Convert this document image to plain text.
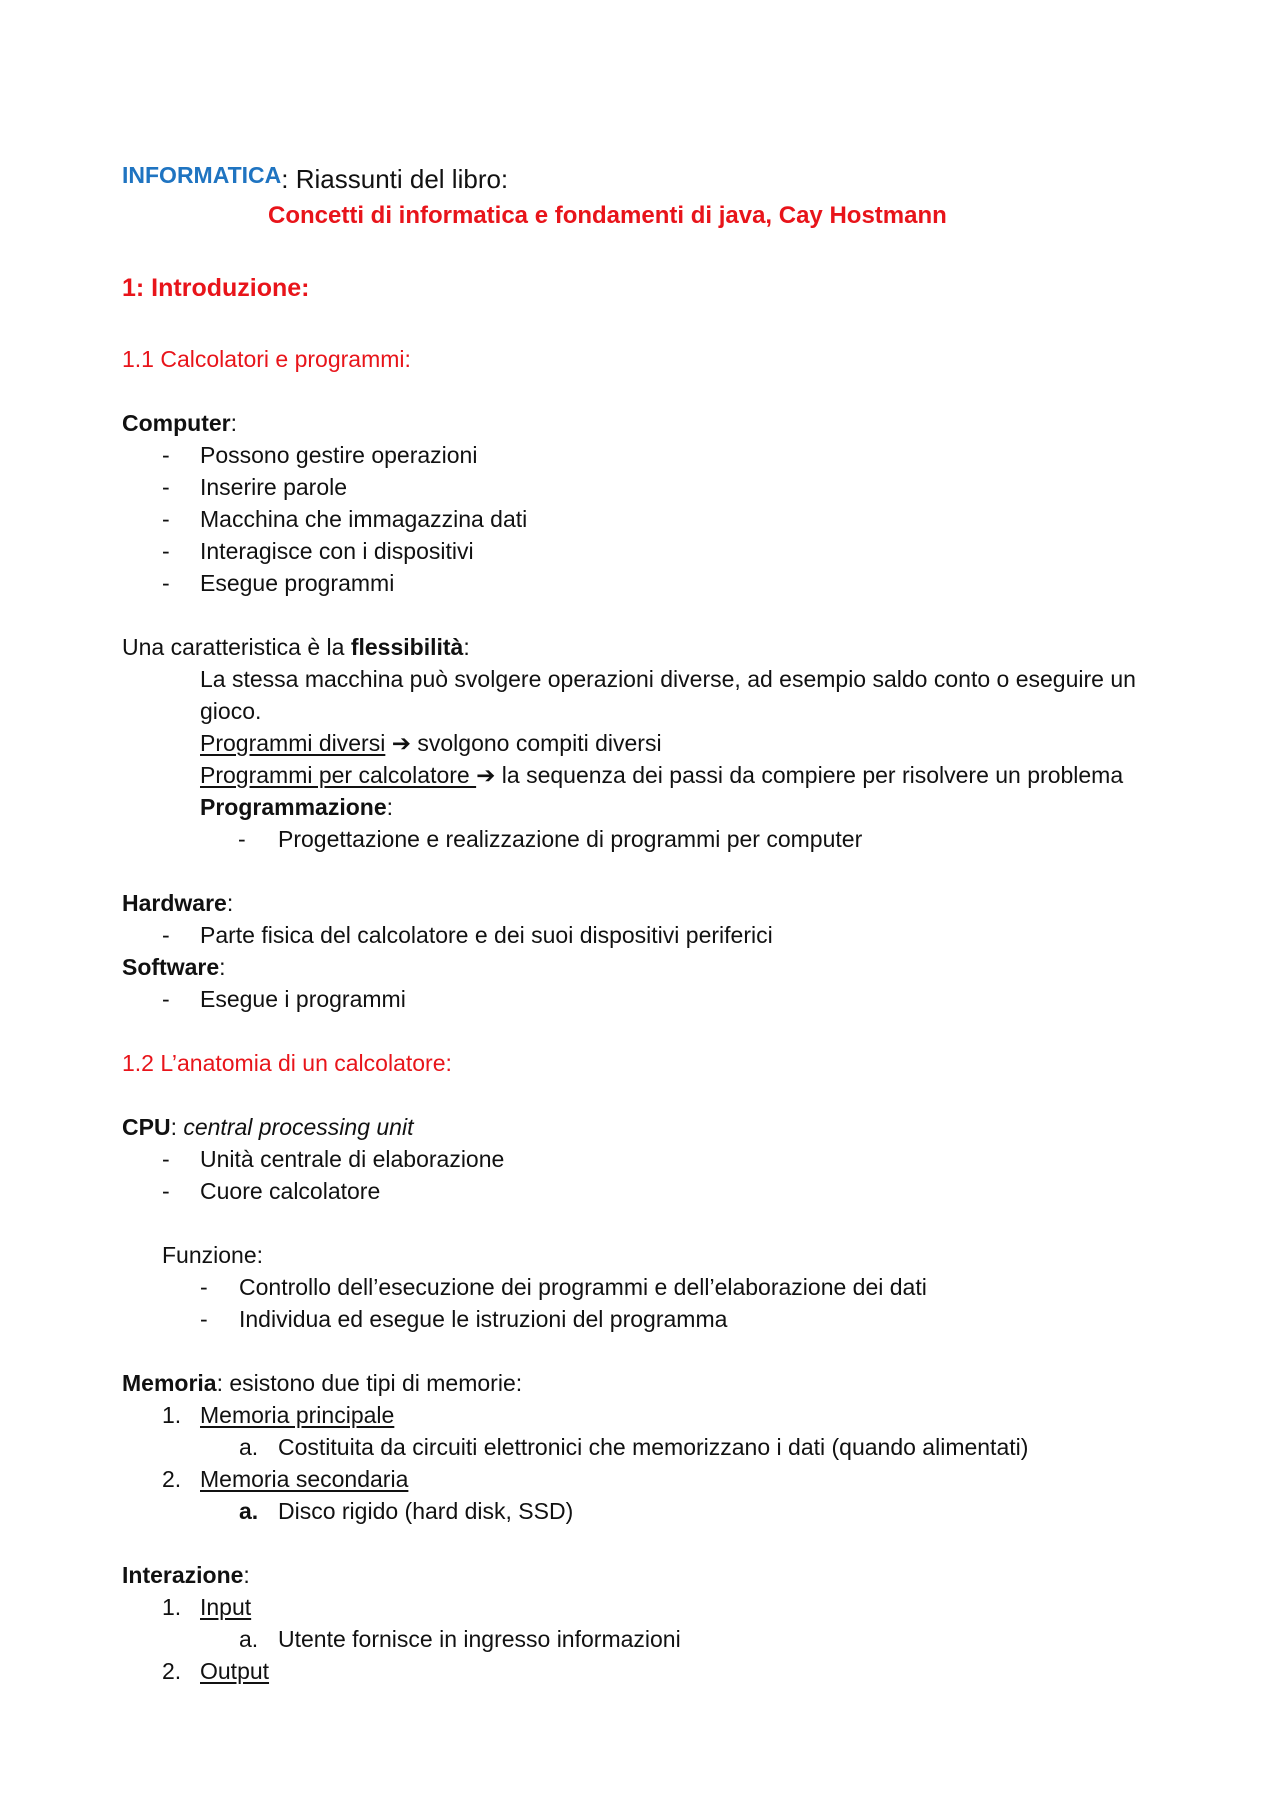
INFORMATICA: Riassunti del libro:
Concetti di informatica e fondamenti di java, Cay Hostmann
1: Introduzione:
1.1 Calcolatori e programmi:
Computer:
- Possono gestire operazioni
- Inserire parole
- Macchina che immagazzina dati
- Interagisce con i dispositivi
- Esegue programmi
Una caratteristica è la flessibilità:
La stessa macchina può svolgere operazioni diverse, ad esempio saldo conto o eseguire un
gioco.
Programmi diversi ➔ svolgono compiti diversi
Programmi per calcolatore ➔ la sequenza dei passi da compiere per risolvere un problema
Programmazione:
- Progettazione e realizzazione di programmi per computer
Hardware:
- Parte fisica del calcolatore e dei suoi dispositivi periferici
Software:
- Esegue i programmi
1.2 L’anatomia di un calcolatore:
CPU: central processing unit
- Unità centrale di elaborazione
- Cuore calcolatore
Funzione:
- Controllo dell’esecuzione dei programmi e dell’elaborazione dei dati
- Individua ed esegue le istruzioni del programma
Memoria: esistono due tipi di memorie:
1. Memoria principale
a. Costituita da circuiti elettronici che memorizzano i dati (quando alimentati)
2. Memoria secondaria
a. Disco rigido (hard disk, SSD)
Interazione:
1. Input
a. Utente fornisce in ingresso informazioni
2. Output
